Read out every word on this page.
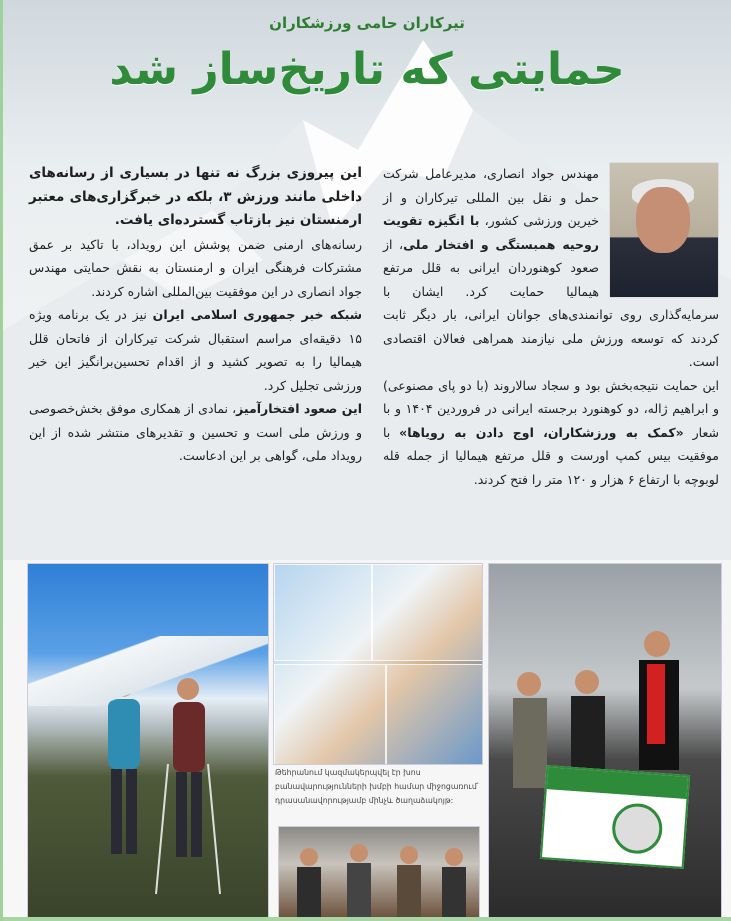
تیرکاران حامی ورزشکاران
حمایتی که تاریخ‌ساز شد

مهندس جواد انصاری، مدیرعامل شرکت حمل و نقل بین المللی تیرکاران و از خیرین ورزشی کشور، با انگیزه تقویت روحیه همبستگی و افتخار ملی، از صعود کوهنوردان ایرانی به قلل مرتفع هیمالیا حمایت کرد. ایشان با سرمایه‌گذاری روی توانمندی‌های جوانان ایرانی، بار دیگر ثابت کردند که توسعه ورزش ملی نیازمند همراهی فعالان اقتصادی است.

این حمایت نتیجه‌بخش بود و سجاد سالاروند (با دو پای مصنوعی) و ابراهیم ژاله، دو کوهنورد برجسته ایرانی در فروردین ۱۴۰۴ و با شعار «کمک به ورزشکاران، اوج دادن به رویاها» با موفقیت بیس کمپ اورست و قلل مرتفع هیمالیا از جمله قله لوبوچه با ارتفاع ۶ هزار و ۱۲۰ متر را فتح کردند.

این پیروزی بزرگ نه تنها در بسیاری از رسانه‌های داخلی مانند ورزش ۳، بلکه در خبرگزاری‌های معتبر ارمنستان نیز بازتاب گسترده‌ای یافت.

رسانه‌های ارمنی ضمن پوشش این رویداد، با تاکید بر عمق مشترکات فرهنگی ایران و ارمنستان به نقش حمایتی مهندس جواد انصاری در این موفقیت بین‌المللی اشاره کردند.

شبکه خبر جمهوری اسلامی ایران نیز در یک برنامه ویژه ۱۵ دقیقه‌ای مراسم استقبال شرکت تیرکاران از فاتحان قلل هیمالیا را به تصویر کشید و از اقدام تحسین‌برانگیز این خیر ورزشی تجلیل کرد.

این صعود افتخارآمیز، نمادی از همکاری موفق بخش‌خصوصی و ورزش ملی است و تحسین و تقدیرهای منتشر شده از این رویداد ملی، گواهی بر این ادعاست.

Թեհրանում կազմակերպվել էր խոս բանավարությունների խմբի համար միջոցառում՝ դրասանավորությամբ մինչև ծաղաձակոյթ:
